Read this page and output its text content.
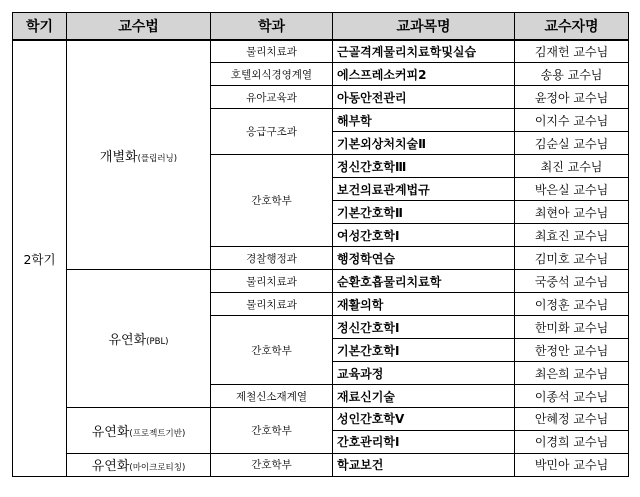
학기	교수법	학과	교과목명	교수자명
2학기	개별화(플립러닝)	물리치료과	근골격계물리치료학및실습	김재헌 교수님
		호텔외식경영계열	에스프레소커피2	송용 교수님
		유아교육과	아동안전관리	윤정아 교수님
		응급구조과	해부학	이지수 교수님
			기본외상처치술Ⅱ	김순실 교수님
		간호학부	정신간호학Ⅲ	최진 교수님
			보건의료관계법규	박은실 교수님
			기본간호학Ⅱ	최현아 교수님
			여성간호학Ⅰ	최효진 교수님
		경찰행정과	행정학연습	김미호 교수님
	유연화(PBL)	물리치료과	순환호흡물리치료학	국중석 교수님
		물리치료과	재활의학	이정훈 교수님
		간호학부	정신간호학Ⅰ	한미화 교수님
			기본간호학Ⅰ	한정안 교수님
			교육과정	최은희 교수님
		제철신소재계열	재료신기술	이종석 교수님
	유연화(프로젝트기반)	간호학부	성인간호학Ⅴ	안혜정 교수님
			간호관리학Ⅰ	이경희 교수님
	유연화(마이크로티칭)	간호학부	학교보건	박민아 교수님
